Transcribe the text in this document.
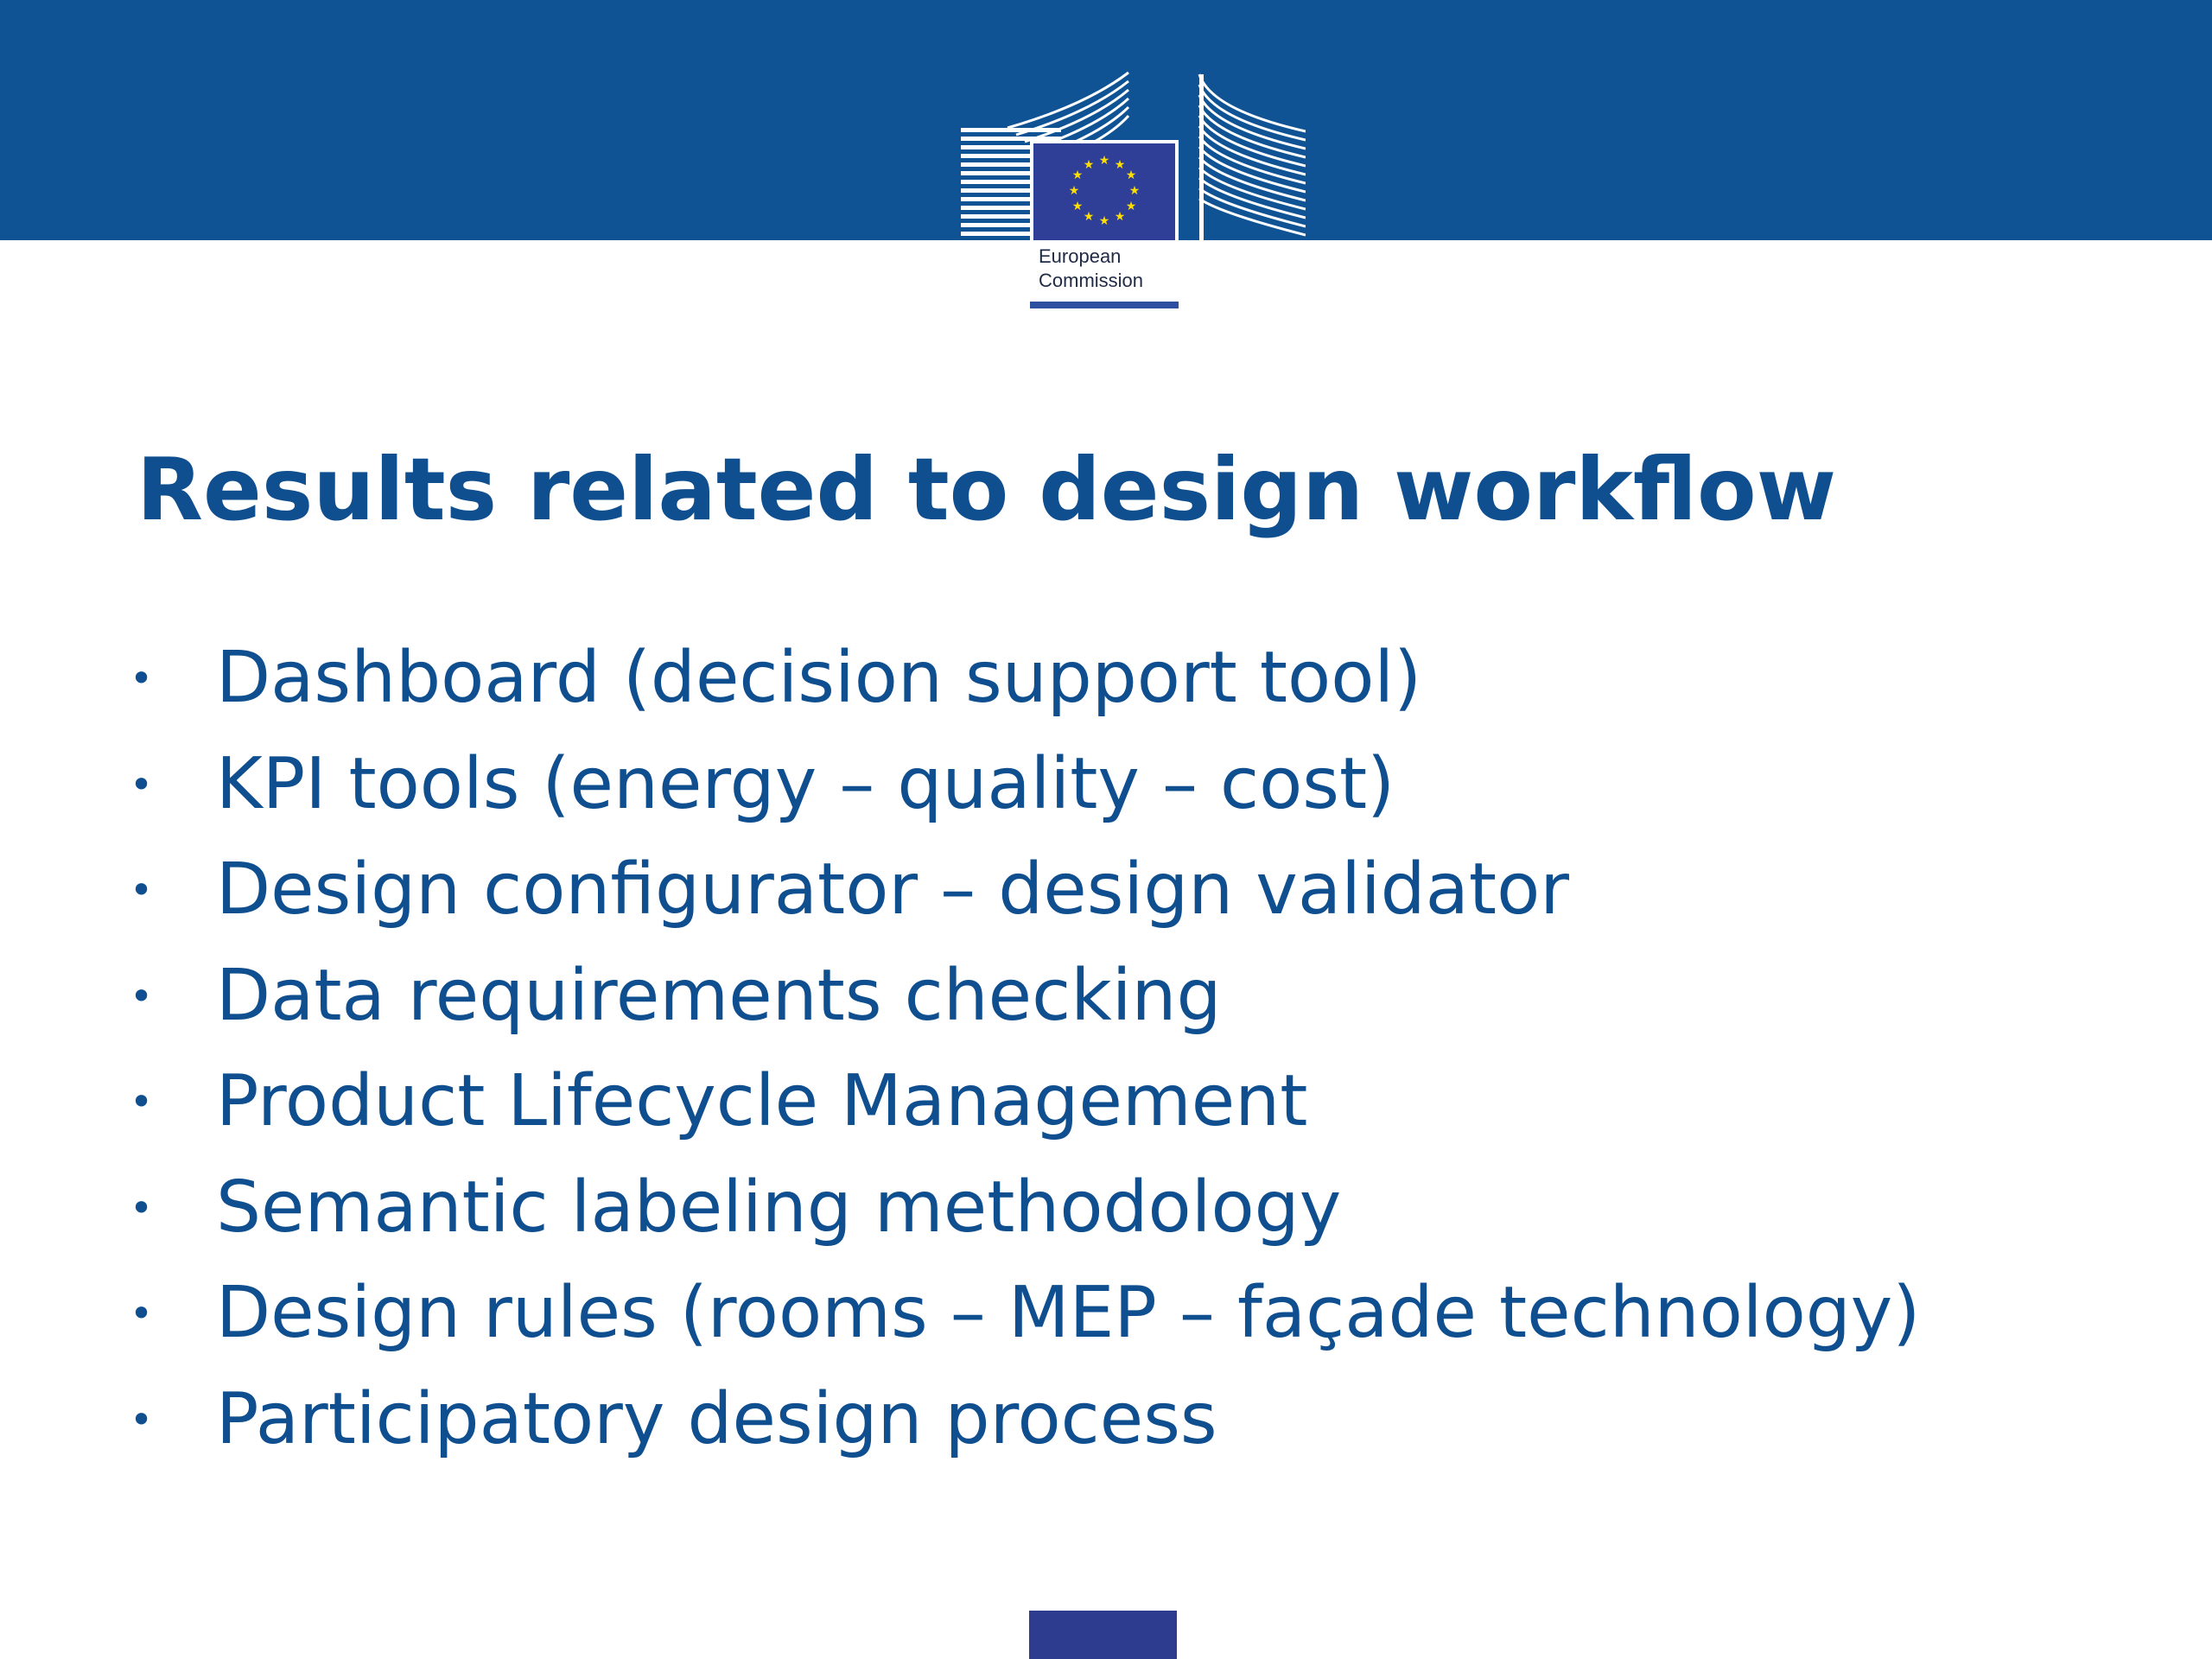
★ ★
★
★
★
★
★
★
★
★
★
★
European
Commission
Results related to design workflow
• Dashboard (decision support tool)
• KPI tools (energy – quality – cost)
• Design configurator – design validator
• Data requirements checking
• Product Lifecycle Management
• Semantic labeling methodology
• Design rules (rooms – MEP – façade technology)
• Participatory design process
